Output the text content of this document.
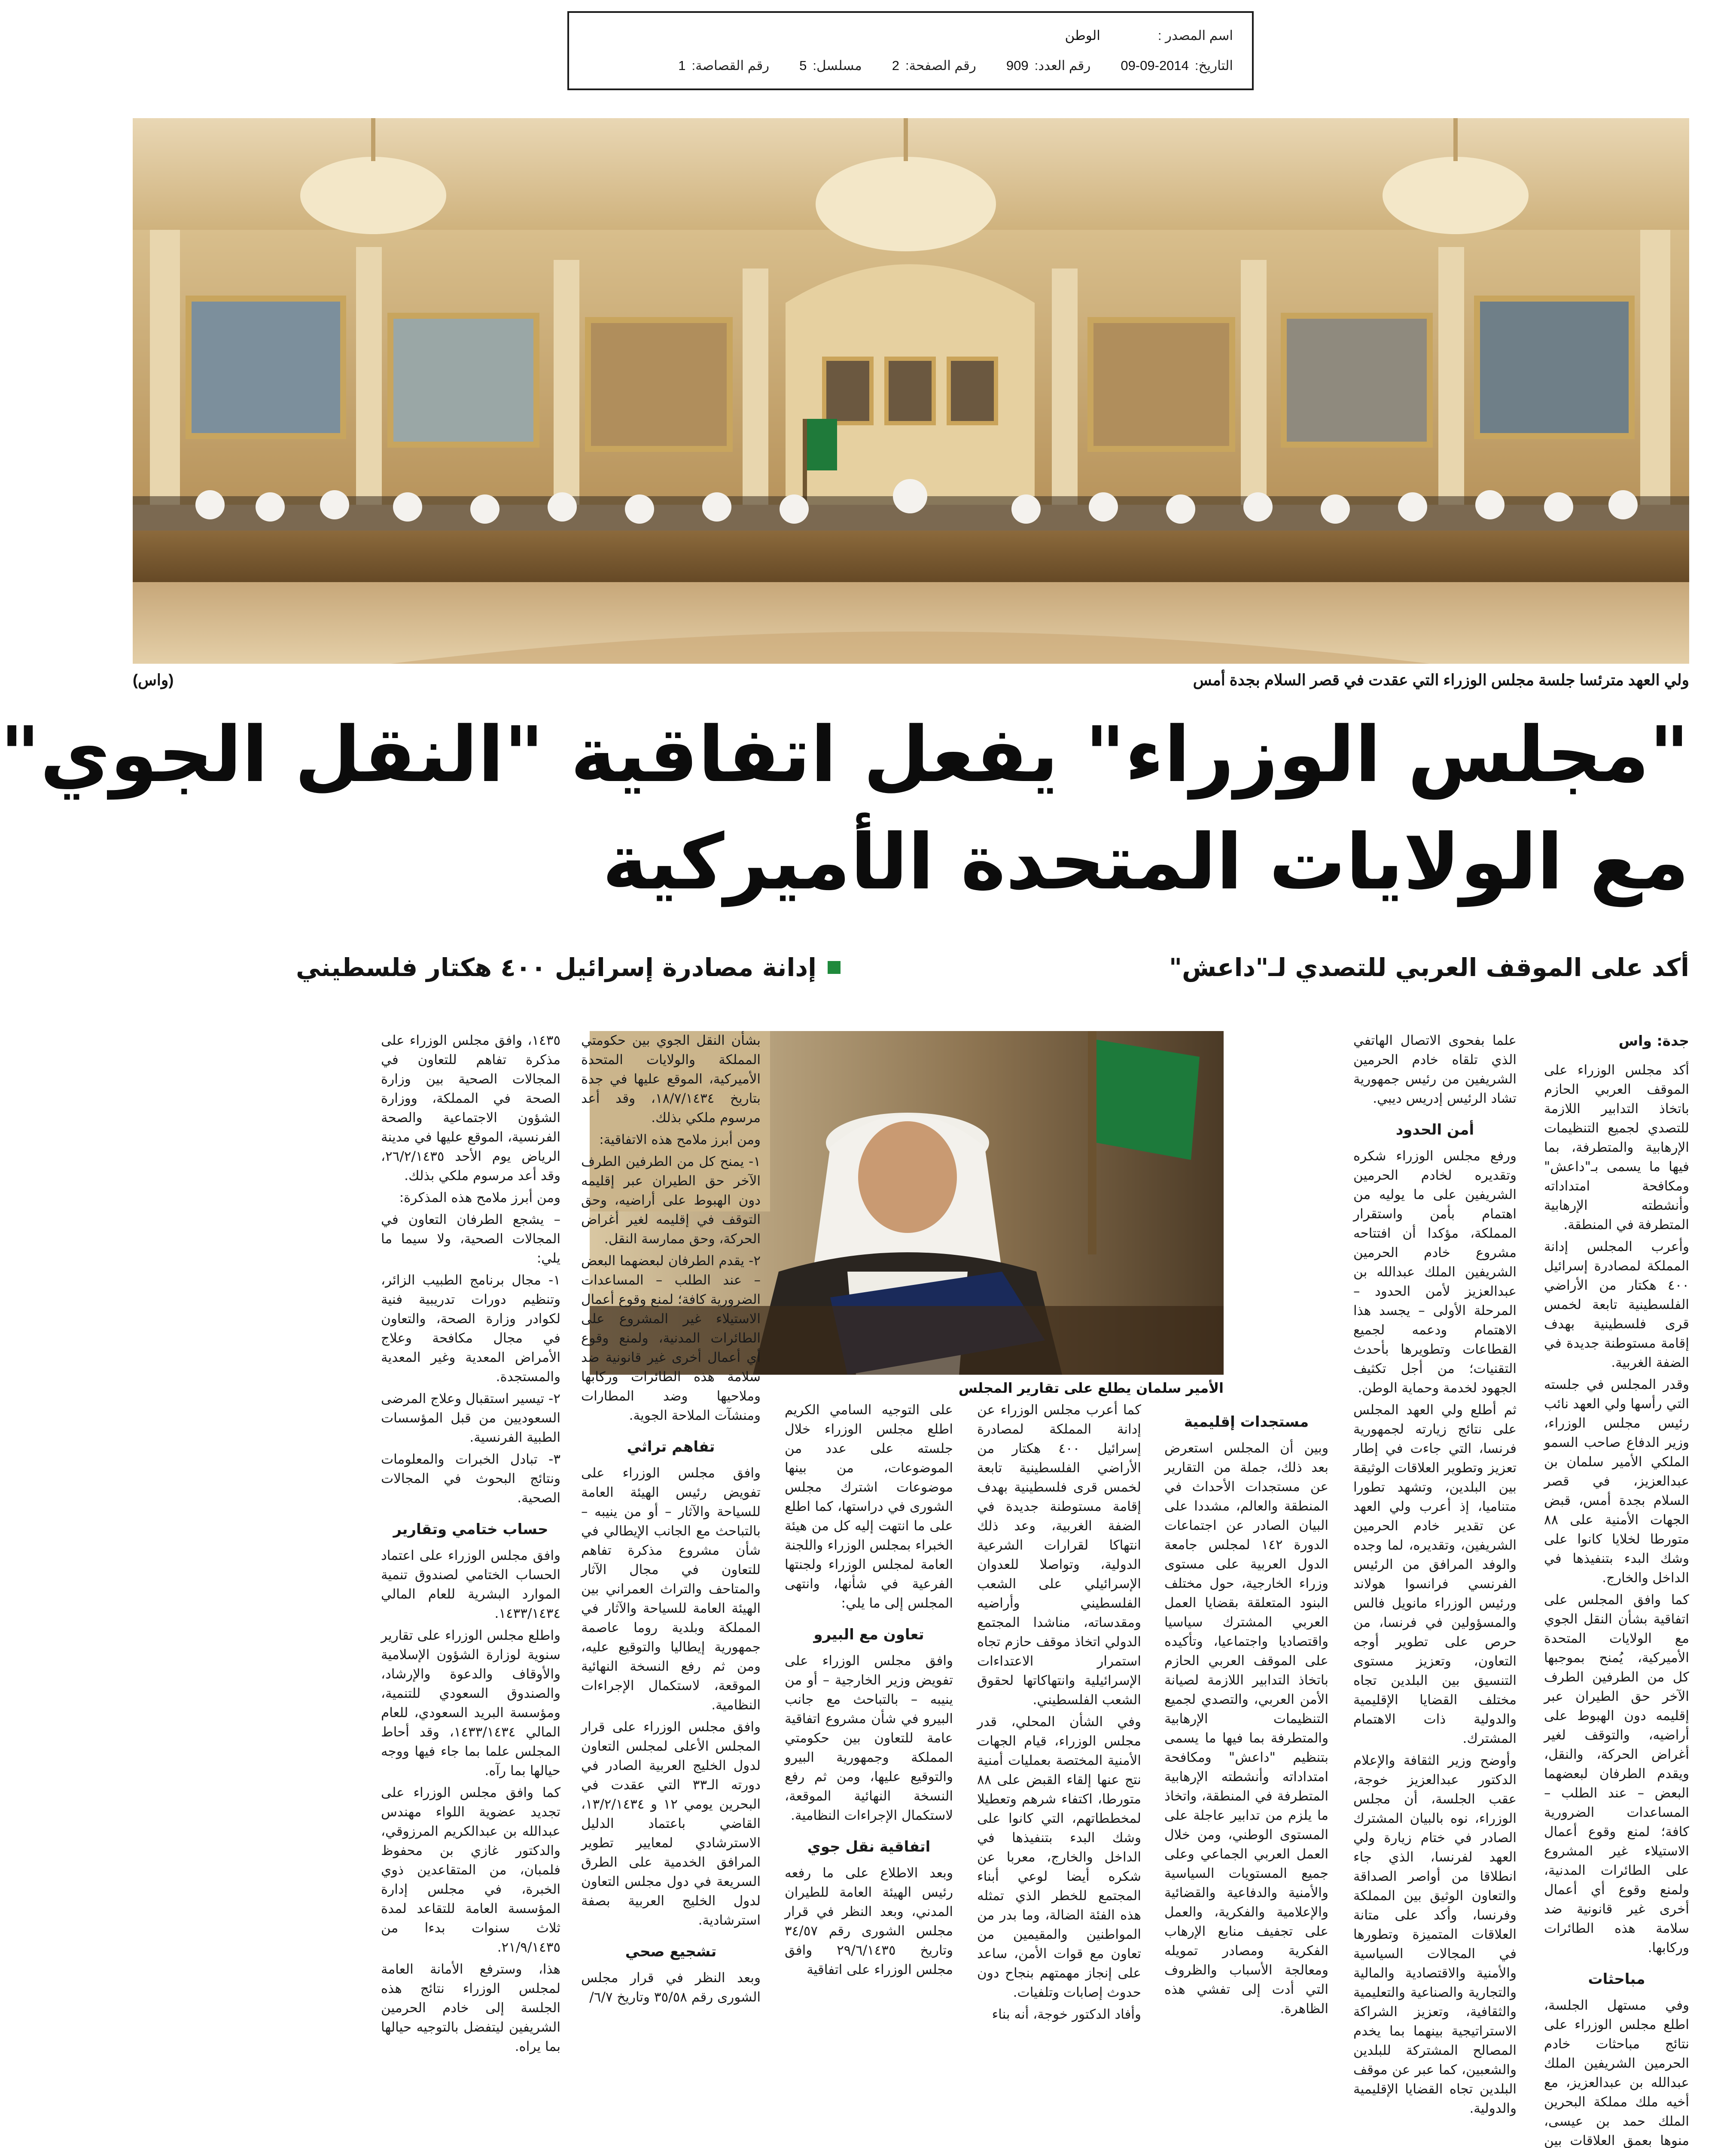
اسم المصدر :
الوطن
التاريخ:
09-09-2014
رقم العدد:
909
رقم الصفحة:
2
مسلسل:
5
رقم القصاصة:
1
ولي العهد مترئسا جلسة مجلس الوزراء التي عقدت في قصر السلام بجدة أمس
(واس)
"مجلس الوزراء" يفعل اتفاقية "النقل الجوي"
مع الولايات المتحدة الأميركية
أكد على الموقف العربي للتصدي لـ"داعش"
إدانة مصادرة إسرائيل ٤٠٠ هكتار فلسطيني
الأمير سلمان يطلع على تقارير المجلس

جدة: واس

أكد مجلس الوزراء على الموقف العربي الحازم باتخاذ التدابير اللازمة للتصدي لجميع التنظيمات الإرهابية والمتطرفة، بما فيها ما يسمى بـ"داعش" ومكافحة امتداداته وأنشطته الإرهابية المتطرفة في المنطقة.

وأعرب المجلس إدانة المملكة لمصادرة إسرائيل ٤٠٠ هكتار من الأراضي الفلسطينية تابعة لخمس قرى فلسطينية بهدف إقامة مستوطنة جديدة في الضفة الغربية.

وقدر المجلس في جلسته التي رأسها ولي العهد نائب رئيس مجلس الوزراء، وزير الدفاع صاحب السمو الملكي الأمير سلمان بن عبدالعزيز، في قصر السلام بجدة أمس، قبض الجهات الأمنية على ٨٨ متورطا لخلايا كانوا على وشك البدء بتنفيذها في الداخل والخارج.

كما وافق المجلس على اتفاقية بشأن النقل الجوي مع الولايات المتحدة الأميركية، يُمنح بموجبها كل من الطرفين الطرف الآخر حق الطيران عبر إقليمه دون الهبوط على أراضيه، والتوقف لغير أغراض الحركة، والنقل، ويقدم الطرفان لبعضهما البعض – عند الطلب – المساعدات الضرورية كافة؛ لمنع وقوع أعمال الاستيلاء غير المشروع على الطائرات المدنية، ولمنع وقوع أي أعمال أخرى غير قانونية ضد سلامة هذه الطائرات وركابها.

مباحثات

وفي مستهل الجلسة، اطلع مجلس الوزراء على نتائج مباحثات خادم الحرمين الشريفين الملك عبدالله بن عبدالعزيز، مع أخيه ملك مملكة البحرين الملك حمد بن عيسى، منوها بعمق العلاقات بين

علما بفحوى الاتصال الهاتفي الذي تلقاه خادم الحرمين الشريفين من رئيس جمهورية تشاد الرئيس إدريس ديبي.

أمن الحدود

ورفع مجلس الوزراء شكره وتقديره لخادم الحرمين الشريفين على ما يوليه من اهتمام بأمن واستقرار المملكة، مؤكدا أن افتتاحه مشروع خادم الحرمين الشريفين الملك عبدالله بن عبدالعزيز لأمن الحدود – المرحلة الأولى – يجسد هذا الاهتمام ودعمه لجميع القطاعات وتطويرها بأحدث التقنيات؛ من أجل تكثيف الجهود لخدمة وحماية الوطن.

ثم أطلع ولي العهد المجلس على نتائج زيارته لجمهورية فرنسا، التي جاءت في إطار تعزيز وتطوير العلاقات الوثيقة بين البلدين، وتشهد تطورا متناميا، إذ أعرب ولي العهد عن تقدير خادم الحرمين الشريفين، وتقديره، لما وجده والوفد المرافق من الرئيس الفرنسي فرانسوا هولاند ورئيس الوزراء مانويل فالس والمسؤولين في فرنسا، من حرص على تطوير أوجه التعاون، وتعزيز مستوى التنسيق بين البلدين تجاه مختلف القضايا الإقليمية والدولية ذات الاهتمام المشترك.

وأوضح وزير الثقافة والإعلام الدكتور عبدالعزيز خوجة، عقب الجلسة، أن مجلس الوزراء، نوه بالبيان المشترك الصادر في ختام زيارة ولي العهد لفرنسا، الذي جاء انطلاقا من أواصر الصداقة والتعاون الوثيق بين المملكة وفرنسا، وأكد على متانة العلاقات المتميزة وتطورها في المجالات السياسية والأمنية والاقتصادية والمالية والتجارية والصناعية والتعليمية والثقافية، وتعزيز الشراكة الاستراتيجية بينهما بما يخدم المصالح المشتركة للبلدين والشعبين، كما عبر عن موقف البلدين تجاه القضايا الإقليمية والدولية.

مستجدات إقليمية

وبين أن المجلس استعرض بعد ذلك، جملة من التقارير عن مستجدات الأحداث في المنطقة والعالم، مشددا على البيان الصادر عن اجتماعات الدورة ١٤٢ لمجلس جامعة الدول العربية على مستوى وزراء الخارجية، حول مختلف البنود المتعلقة بقضايا العمل العربي المشترك سياسيا واقتصاديا واجتماعيا، وتأكيده على الموقف العربي الحازم باتخاذ التدابير اللازمة لصيانة الأمن العربي، والتصدي لجميع التنظيمات الإرهابية والمتطرفة بما فيها ما يسمى بتنظيم "داعش" ومكافحة امتداداته وأنشطته الإرهابية المتطرفة في المنطقة، واتخاذ ما يلزم من تدابير عاجلة على المستوى الوطني، ومن خلال العمل العربي الجماعي وعلى جميع المستويات السياسية والأمنية والدفاعية والقضائية والإعلامية والفكرية، والعمل على تجفيف منابع الإرهاب الفكرية ومصادر تمويله ومعالجة الأسباب والظروف التي أدت إلى تفشي هذه الظاهرة.

كما أعرب مجلس الوزراء عن إدانة المملكة لمصادرة إسرائيل ٤٠٠ هكتار من الأراضي الفلسطينية تابعة لخمس قرى فلسطينية بهدف إقامة مستوطنة جديدة في الضفة الغربية، وعد ذلك انتهاكا لقرارات الشرعية الدولية، وتواصلا للعدوان الإسرائيلي على الشعب الفلسطيني وأراضيه ومقدساته، مناشدا المجتمع الدولي اتخاذ موقف حازم تجاه استمرار الاعتداءات الإسرائيلية وانتهاكاتها لحقوق الشعب الفلسطيني.

وفي الشأن المحلي، قدر مجلس الوزراء، قيام الجهات الأمنية المختصة بعمليات أمنية نتج عنها إلقاء القبض على ٨٨ متورطا، اكتفاء شرهم وتعطيلا لمخططاتهم، التي كانوا على وشك البدء بتنفيذها في الداخل والخارج، معربا عن شكره أيضا لوعي أبناء المجتمع للخطر الذي تمثله هذه الفئة الضالة، وما بدر من المواطنين والمقيمين من تعاون مع قوات الأمن، ساعد على إنجاز مهمتهم بنجاح دون حدوث إصابات وتلفيات.

وأفاد الدكتور خوجة، أنه بناء

على التوجيه السامي الكريم اطلع مجلس الوزراء خلال جلسته على عدد من الموضوعات، من بينها موضوعات اشترك مجلس الشورى في دراستها، كما اطلع على ما انتهت إليه كل من هيئة الخبراء بمجلس الوزراء واللجنة العامة لمجلس الوزراء ولجنتها الفرعية في شأنها، وانتهى المجلس إلى ما يلي:

تعاون مع البيرو

وافق مجلس الوزراء على تفويض وزير الخارجية – أو من ينيبه – بالتباحث مع جانب البيرو في شأن مشروع اتفاقية عامة للتعاون بين حكومتي المملكة وجمهورية البيرو والتوقيع عليها، ومن ثم رفع النسخة النهائية الموقعة، لاستكمال الإجراءات النظامية.

اتفاقية نقل جوي

وبعد الاطلاع على ما رفعه رئيس الهيئة العامة للطيران المدني، وبعد النظر في قرار مجلس الشورى رقم ٣٤/٥٧ وتاريخ ٢٩/٦/١٤٣٥ وافق مجلس الوزراء على اتفاقية

بشأن النقل الجوي بين حكومتي المملكة والولايات المتحدة الأميركية، الموقع عليها في جدة بتاريخ ١٨/٧/١٤٣٤، وقد أعد مرسوم ملكي بذلك.

ومن أبرز ملامح هذه الاتفاقية:

١- يمنح كل من الطرفين الطرف الآخر حق الطيران عبر إقليمه دون الهبوط على أراضيه، وحق التوقف في إقليمه لغير أغراض الحركة، وحق ممارسة النقل.

٢- يقدم الطرفان لبعضهما البعض – عند الطلب – المساعدات الضرورية كافة؛ لمنع وقوع أعمال الاستيلاء غير المشروع على الطائرات المدنية، ولمنع وقوع أي أعمال أخرى غير قانونية ضد سلامة هذه الطائرات وركابها وملاحيها وضد المطارات ومنشآت الملاحة الجوية.

تفاهم تراثي

وافق مجلس الوزراء على تفويض رئيس الهيئة العامة للسياحة والآثار – أو من ينيبه – بالتباحث مع الجانب الإيطالي في شأن مشروع مذكرة تفاهم للتعاون في مجال الآثار والمتاحف والتراث العمراني بين الهيئة العامة للسياحة والآثار في المملكة وبلدية روما عاصمة جمهورية إيطاليا والتوقيع عليه، ومن ثم رفع النسخة النهائية الموقعة، لاستكمال الإجراءات النظامية.

وافق مجلس الوزراء على قرار المجلس الأعلى لمجلس التعاون لدول الخليج العربية الصادر في دورته الـ٣٣ التي عقدت في البحرين يومي ١٢ و ١٣/٢/١٤٣٤، القاضي باعتماد الدليل الاسترشادي لمعايير تطوير المرافق الخدمية على الطرق السريعة في دول مجلس التعاون لدول الخليج العربية بصفة استرشادية.

تشجيع صحي

وبعد النظر في قرار مجلس الشورى رقم ٣٥/٥٨ وتاريخ ٦/٧/

١٤٣٥، وافق مجلس الوزراء على مذكرة تفاهم للتعاون في المجالات الصحية بين وزارة الصحة في المملكة، ووزارة الشؤون الاجتماعية والصحة الفرنسية، الموقع عليها في مدينة الرياض يوم الأحد ٢٦/٢/١٤٣٥، وقد أعد مرسوم ملكي بذلك.

ومن أبرز ملامح هذه المذكرة:

– يشجع الطرفان التعاون في المجالات الصحية، ولا سيما ما يلي:

١- مجال برنامج الطبيب الزائر، وتنظيم دورات تدريبية فنية لكوادر وزارة الصحة، والتعاون في مجال مكافحة وعلاج الأمراض المعدية وغير المعدية والمستجدة.

٢- تيسير استقبال وعلاج المرضى السعوديين من قبل المؤسسات الطبية الفرنسية.

٣- تبادل الخبرات والمعلومات ونتائج البحوث في المجالات الصحية.

حساب ختامي وتقارير

وافق مجلس الوزراء على اعتماد الحساب الختامي لصندوق تنمية الموارد البشرية للعام المالي ١٤٣٣/١٤٣٤.

واطلع مجلس الوزراء على تقارير سنوية لوزارة الشؤون الإسلامية والأوقاف والدعوة والإرشاد، والصندوق السعودي للتنمية، ومؤسسة البريد السعودي، للعام المالي ١٤٣٣/١٤٣٤، وقد أحاط المجلس علما بما جاء فيها ووجه حيالها بما رآه.

كما وافق مجلس الوزراء على تجديد عضوية اللواء مهندس عبدالله بن عبدالكريم المرزوقي، والدكتور غازي بن محفوظ فلمبان، من المتقاعدين ذوي الخبرة، في مجلس إدارة المؤسسة العامة للتقاعد لمدة ثلاث سنوات بدءا من ٢١/٩/١٤٣٥.

هذا، وسترفع الأمانة العامة لمجلس الوزراء نتائج هذه الجلسة إلى خادم الحرمين الشريفين ليتفضل بالتوجيه حيالها بما يراه.
